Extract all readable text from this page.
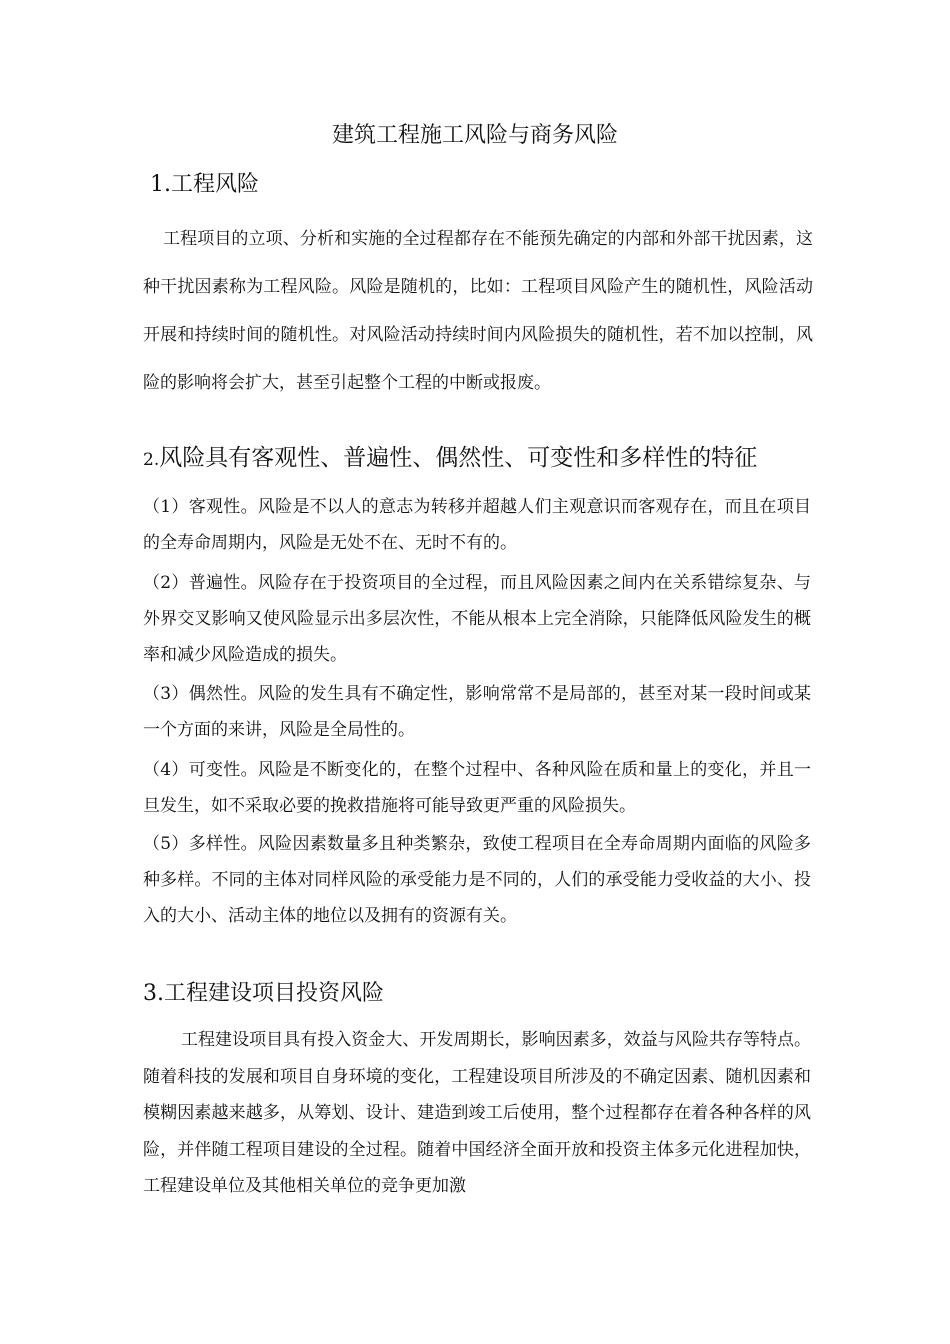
建筑工程施工风险与商务风险
1.工程风险

工程项目的立项、分析和实施的全过程都存在不能预先确定的内部和外部干扰因素，这种干扰因素称为工程风险。风险是随机的，比如：工程项目风险产生的随机性，风险活动开展和持续时间的随机性。对风险活动持续时间内风险损失的随机性，若不加以控制，风险的影响将会扩大，甚至引起整个工程的中断或报废。

2.风险具有客观性、普遍性、偶然性、可变性和多样性的特征

（1）客观性。风险是不以人的意志为转移并超越人们主观意识而客观存在，而且在项目的全寿命周期内，风险是无处不在、无时不有的。

（2）普遍性。风险存在于投资项目的全过程，而且风险因素之间内在关系错综复杂、与外界交叉影响又使风险显示出多层次性，不能从根本上完全消除，只能降低风险发生的概率和减少风险造成的损失。

（3）偶然性。风险的发生具有不确定性，影响常常不是局部的，甚至对某一段时间或某一个方面的来讲，风险是全局性的。

（4）可变性。风险是不断变化的，在整个过程中、各种风险在质和量上的变化，并且一旦发生，如不采取必要的挽救措施将可能导致更严重的风险损失。

（5）多样性。风险因素数量多且种类繁杂，致使工程项目在全寿命周期内面临的风险多种多样。不同的主体对同样风险的承受能力是不同的，人们的承受能力受收益的大小、投入的大小、活动主体的地位以及拥有的资源有关。

3.工程建设项目投资风险

工程建设项目具有投入资金大、开发周期长，影响因素多，效益与风险共存等特点。随着科技的发展和项目自身环境的变化，工程建设项目所涉及的不确定因素、随机因素和模糊因素越来越多，从筹划、设计、建造到竣工后使用，整个过程都存在着各种各样的风险，并伴随工程项目建设的全过程。随着中国经济全面开放和投资主体多元化进程加快，工程建设单位及其他相关单位的竞争更加激
